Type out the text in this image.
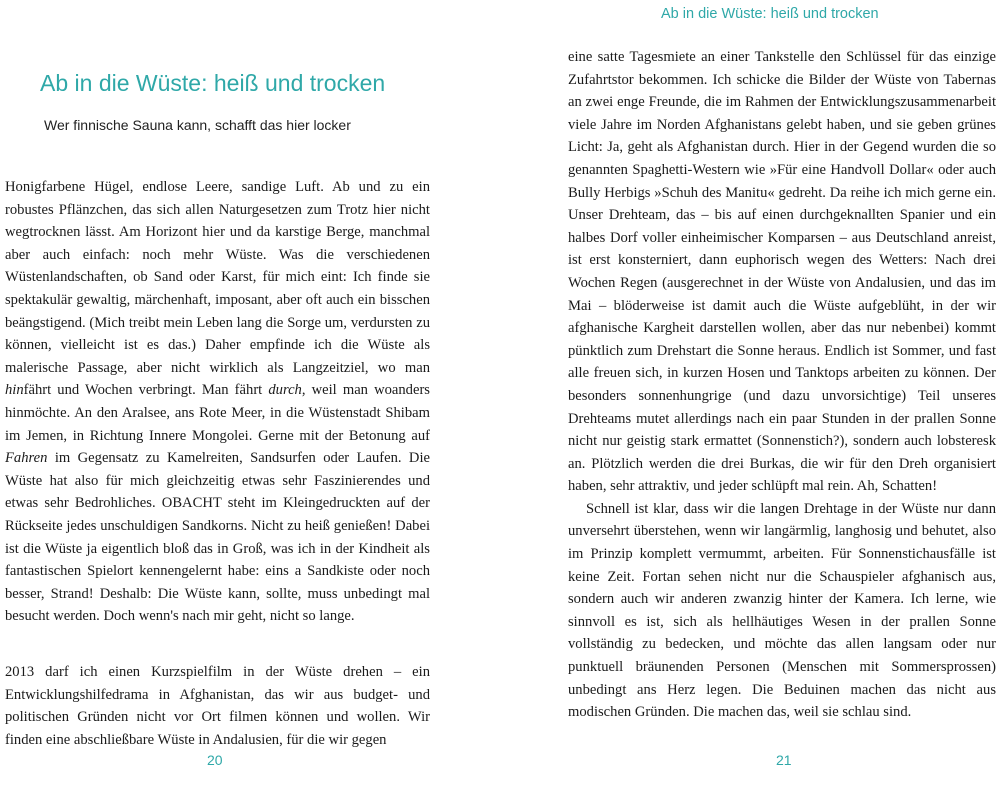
Ab in die Wüste: heiß und trocken
Ab in die Wüste: heiß und trocken
Wer finnische Sauna kann, schafft das hier locker

Honigfarbene Hügel, endlose Leere, sandige Luft. Ab und zu ein robustes Pflänzchen, das sich allen Naturgesetzen zum Trotz hier nicht wegtrocknen lässt. Am Horizont hier und da karstige Berge, manchmal aber auch einfach: noch mehr Wüste. Was die verschiedenen Wüstenlandschaften, ob Sand oder Karst, für mich eint: Ich finde sie spektakulär gewaltig, märchenhaft, imposant, aber oft auch ein bisschen beängstigend. (Mich treibt mein Leben lang die Sorge um, verdursten zu können, vielleicht ist es das.) Daher empfinde ich die Wüste als malerische Passage, aber nicht wirklich als Langzeitziel, wo man hinfährt und Wochen verbringt. Man fährt durch, weil man woanders hinmöchte. An den Aralsee, ans Rote Meer, in die Wüstenstadt Shibam im Jemen, in Richtung Innere Mongolei. Gerne mit der Betonung auf Fahren im Gegensatz zu Kamelreiten, Sandsurfen oder Laufen. Die Wüste hat also für mich gleichzeitig etwas sehr Faszinierendes und etwas sehr Bedrohliches. OBACHT steht im Kleingedruckten auf der Rückseite jedes unschuldigen Sandkorns. Nicht zu heiß genießen! Dabei ist die Wüste ja eigentlich bloß das in Groß, was ich in der Kindheit als fantastischen Spielort kennengelernt habe: eins a Sandkiste oder noch besser, Strand! Deshalb: Die Wüste kann, sollte, muss unbedingt mal besucht werden. Doch wenn's nach mir geht, nicht so lange.

2013 darf ich einen Kurzspielfilm in der Wüste drehen – ein Entwicklungshilfedrama in Afghanistan, das wir aus budget- und politischen Gründen nicht vor Ort filmen können und wollen. Wir finden eine abschließbare Wüste in Andalusien, für die wir gegen

eine satte Tagesmiete an einer Tankstelle den Schlüssel für das einzige Zufahrtstor bekommen. Ich schicke die Bilder der Wüste von Tabernas an zwei enge Freunde, die im Rahmen der Entwicklungszusammenarbeit viele Jahre im Norden Afghanistans gelebt haben, und sie geben grünes Licht: Ja, geht als Afghanistan durch. Hier in der Gegend wurden die so genannten Spaghetti-Western wie »Für eine Handvoll Dollar« oder auch Bully Herbigs »Schuh des Manitu« gedreht. Da reihe ich mich gerne ein. Unser Drehteam, das – bis auf einen durchgeknallten Spanier und ein halbes Dorf voller einheimischer Komparsen – aus Deutschland anreist, ist erst konsterniert, dann euphorisch wegen des Wetters: Nach drei Wochen Regen (ausgerechnet in der Wüste von Andalusien, und das im Mai – blöderweise ist damit auch die Wüste aufgeblüht, in der wir afghanische Kargheit darstellen wollen, aber das nur nebenbei) kommt pünktlich zum Drehstart die Sonne heraus. Endlich ist Sommer, und fast alle freuen sich, in kurzen Hosen und Tanktops arbeiten zu können. Der besonders sonnenhungrige (und dazu unvorsichtige) Teil unseres Drehteams mutet allerdings nach ein paar Stunden in der prallen Sonne nicht nur geistig stark ermattet (Sonnenstich?), sondern auch lobsteresk an. Plötzlich werden die drei Burkas, die wir für den Dreh organisiert haben, sehr attraktiv, und jeder schlüpft mal rein. Ah, Schatten!

Schnell ist klar, dass wir die langen Drehtage in der Wüste nur dann unversehrt überstehen, wenn wir langärmlig, langhosig und behutet, also im Prinzip komplett vermummt, arbeiten. Für Sonnenstichausfälle ist keine Zeit. Fortan sehen nicht nur die Schauspieler afghanisch aus, sondern auch wir anderen zwanzig hinter der Kamera. Ich lerne, wie sinnvoll es ist, sich als hellhäutiges Wesen in der prallen Sonne vollständig zu bedecken, und möchte das allen langsam oder nur punktuell bräunenden Personen (Menschen mit Sommersprossen) unbedingt ans Herz legen. Die Beduinen machen das nicht aus modischen Gründen. Die machen das, weil sie schlau sind.

20	21
